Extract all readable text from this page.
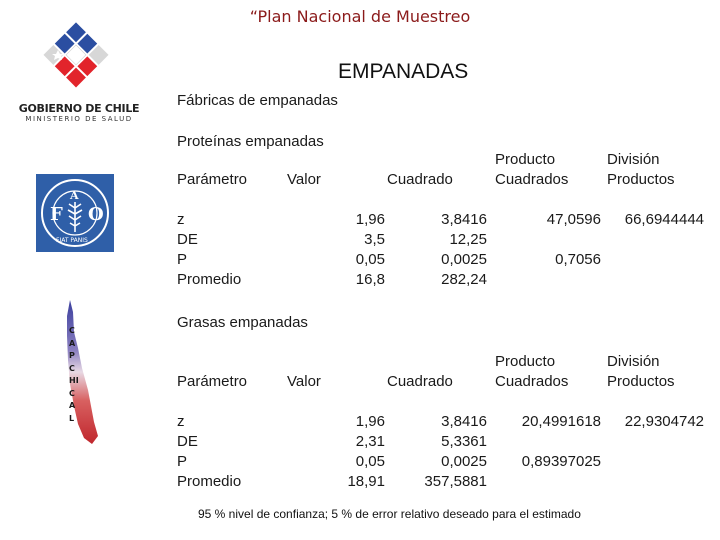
“Plan Nacional de Muestreo
GOBIERNO DE CHILE
MINISTERIO DE SALUD
F O
A
FIAT PANIS
CAPCHICAL
EMPANADAS
Fábricas de empanadas
Proteínas empanadas
			Producto	División
Parámetro	Valor	Cuadrado	Cuadrados	Productos

z	1,96	3,8416	47,0596	66,6944444
DE	3,5	12,25		
P	0,05	0,0025	0,7056	
Promedio	16,8	282,24		
Grasas empanadas
			Producto	División
Parámetro	Valor	Cuadrado	Cuadrados	Productos

z	1,96	3,8416	20,4991618	22,9304742
DE	2,31	5,3361		
P	0,05	0,0025	0,89397025	
Promedio	18,91	357,5881		
95 % nivel de confianza; 5 % de error relativo deseado para el estimado
